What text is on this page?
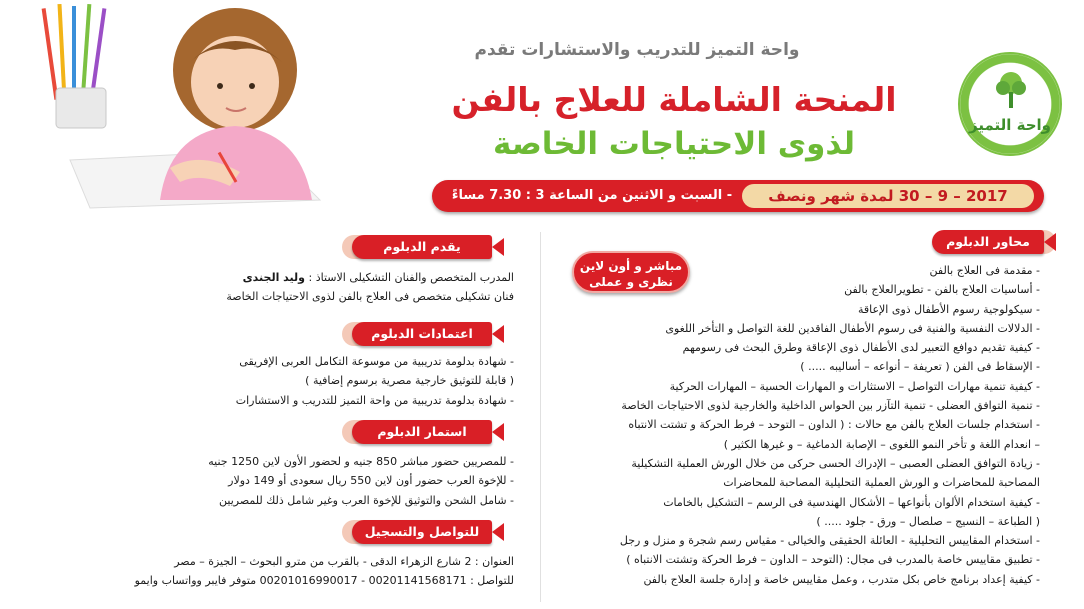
واحة التميز
واحة التميز للتدريب والاستشارات تقدم
المنحة الشاملة للعلاج بالفن
لذوى الاحتياجات الخاصة
2017 – 9 – 30 لمدة شهر ونصف
- السبت و الاثنين من الساعة 3 : 7.30 مساءً
مباشر و أون لاين
نظرى و عملى
محاور الدبلوم
- مقدمة فى العلاج بالفن
- أساسيات العلاج بالفن - تطويرالعلاج بالفن
- سيكولوجية رسوم الأطفال ذوى الإعاقة
- الدلالات النفسية والفنية فى رسوم الأطفال الفاقدين للغة التواصل و التأخر اللغوى
- كيفية تقديم دوافع التعبير لدى الأطفال ذوى الإعاقة وطرق البحث فى رسومهم
- الإسقاط فى الفن ( تعريفة – أنواعه – أساليبه ..... )
- كيفية تنمية مهارات التواصل – الاستثارات و المهارات الحسية – المهارات الحركية
- تنمية التوافق العضلى - تنمية التآزر بين الحواس الداخلية والخارجية لذوى الاحتياجات الخاصة
- استخدام جلسات العلاج بالفن مع حالات : ( الداون – التوحد – فرط الحركة و تشتت الانتباه
– انعدام اللغة و تأخر النمو اللغوى – الإصابة الدماغية – و غيرها الكثير )
- زيادة التوافق العضلى العصبى – الإدراك الحسى حركى من خلال الورش العملية التشكيلية
المصاحبة للمحاضرات و الورش العملية التحليلية المصاحبة للمحاضرات
- كيفية استخدام الألوان بأنواعها – الأشكال الهندسية فى الرسم – التشكيل بالخامات
( الطباعة – النسيج – صلصال – ورق - جلود ..... )
- استخدام المقاييس التحليلية - العائلة الحقيقى والخيالى - مقياس رسم شجرة و منزل و رجل
- تطبيق مقاييس خاصة بالمدرب فى مجال: (التوحد – الداون – فرط الحركة وتشتت الانتباه )
- كيفية إعداد برنامج خاص بكل متدرب ، وعمل مقاييس خاصة و إدارة جلسة العلاج بالفن
يقدم الدبلوم
المدرب المتخصص والفنان التشكيلى الاستاذ : وليد الجندى
فنان تشكيلى متخصص فى العلاج بالفن لذوى الاحتياجات الخاصة
اعتمادات الدبلوم
- شهادة بدلومة تدريبية من موسوعة التكامل العربى الإفريقى
( قابلة للتوثيق خارجية مصرية برسوم إضافية )
- شهادة بدلومة تدريبية من واحة التميز للتدريب و الاستشارات
استمار الدبلوم
- للمصريين حضور مباشر 850 جنيه و لحضور الأون لاين 1250 جنيه
- للإخوة العرب حضور أون لاين 550 ريال سعودى أو 149 دولار
- شامل الشحن والتوثيق للإخوة العرب وغير شامل ذلك للمصريين
للتواصل والتسجيل
العنوان : 2 شارع الزهراء الدقى - بالقرب من مترو البحوث – الجيزة – مصر
للتواصل : 00201141568171 - 00201016990017 متوفر فايبر وواتساب وايمو
